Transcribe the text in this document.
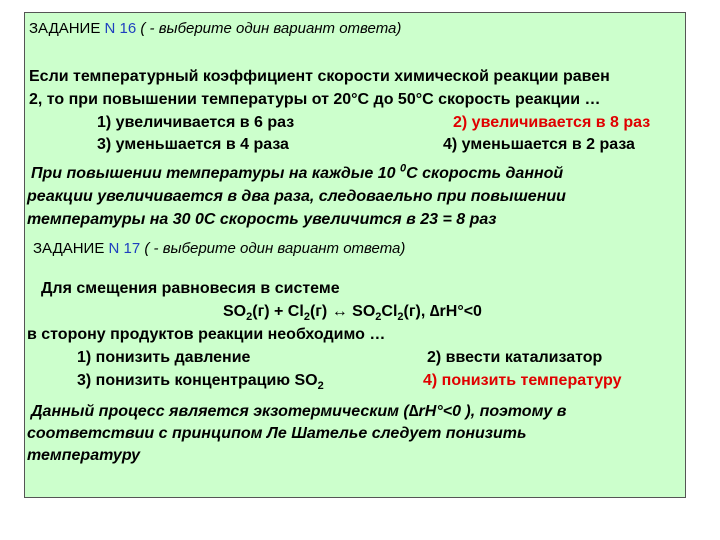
ЗАДАНИЕ N 16 ( - выберите один вариант ответа)
Если температурный коэффициент скорости химической реакции равен
2, то при повышении температуры от 20°С до 50°С скорость реакции …
1) увеличивается в 6 раз	2) увеличивается в 8 раз
3) уменьшается в 4 раза	4) уменьшается в 2 раза
При повышении температуры на каждые 10 $^0$С скорость данной
реакции увеличивается в два раза, следоваельно при повышении
температуры на 30 0С скорость увеличится в 23 = 8 раз
ЗАДАНИЕ N 17 ( - выберите один вариант ответа)
Для смещения равновесия в системе
$SO_2(г) + Cl_2(г)$ ↔ $SO_2Cl_2(г)$, ∆rH°<0
в сторону продуктов реакции необходимо …
1) понизить давление	2) ввести катализатор
3) понизить концентрацию $SO_2$	4) понизить температуру
Данный процесс является экзотермическим (∆rH°<0 ), поэтому в
соответствии с принципом Ле Шателье следует понизить
температуру
